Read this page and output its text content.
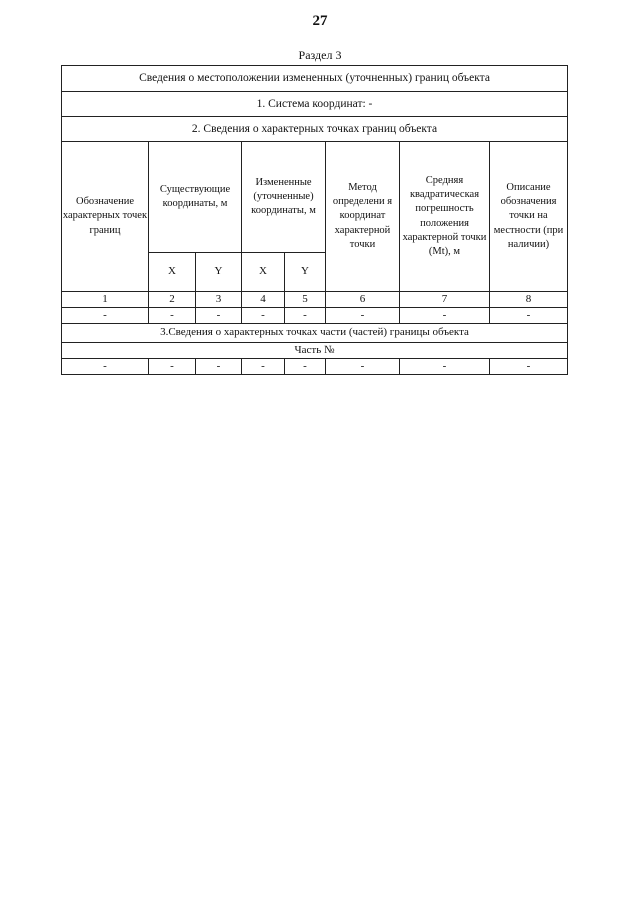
27
Раздел 3
Сведения о местоположении измененных (уточненных) границ объекта							
1. Система координат: -							
2. Сведения о характерных точках границ объекта							
Обозначение характерных точек границ	Существующие координаты, м		Измененные (уточненные) координаты, м		Метод определени я координат характерной точки	Средняя квадратическая погрешность положения характерной точки (Mt), м	Описание обозначения точки на местности (при наличии)
	X	Y	X	Y			
1	2	3	4	5	6	7	8
-	-	-	-	-	-	-	-
3.Сведения о характерных точках части (частей) границы объекта							
Часть №							
-	-	-	-	-	-	-	-
